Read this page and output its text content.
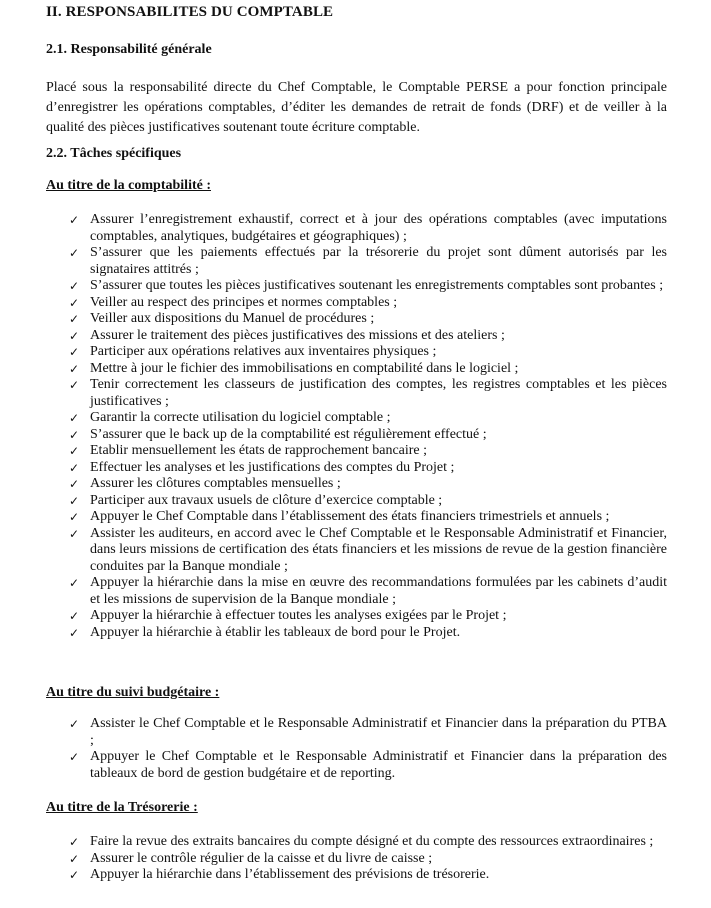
II. RESPONSABILITES DU COMPTABLE
2.1. Responsabilité générale
Placé sous la responsabilité directe du Chef Comptable, le Comptable PERSE a pour fonction principale d’enregistrer les opérations comptables, d’éditer les demandes de retrait de fonds (DRF) et de veiller à la qualité des pièces justificatives soutenant toute écriture comptable.
2.2. Tâches spécifiques
Au titre de la comptabilité :
✓ Assurer l’enregistrement exhaustif, correct et à jour des opérations comptables (avec imputations comptables, analytiques, budgétaires et géographiques) ;
✓ S’assurer que les paiements effectués par la trésorerie du projet sont dûment autorisés par les signataires attitrés ;
✓ S’assurer que toutes les pièces justificatives soutenant les enregistrements comptables sont probantes ;
✓ Veiller au respect des principes et normes comptables ;
✓ Veiller aux dispositions du Manuel de procédures ;
✓ Assurer le traitement des pièces justificatives des missions et des ateliers ;
✓ Participer aux opérations relatives aux inventaires physiques ;
✓ Mettre à jour le fichier des immobilisations en comptabilité dans le logiciel ;
✓ Tenir correctement les classeurs de justification des comptes, les registres comptables et les pièces justificatives ;
✓ Garantir la correcte utilisation du logiciel comptable ;
✓ S’assurer que le back up de la comptabilité est régulièrement effectué ;
✓ Etablir mensuellement les états de rapprochement bancaire ;
✓ Effectuer les analyses et les justifications des comptes du Projet ;
✓ Assurer les clôtures comptables mensuelles ;
✓ Participer aux travaux usuels de clôture d’exercice comptable ;
✓ Appuyer le Chef Comptable dans l’établissement des états financiers trimestriels et annuels ;
✓ Assister les auditeurs, en accord avec le Chef Comptable et le Responsable Administratif et Financier, dans leurs missions de certification des états financiers et les missions de revue de la gestion financière conduites par la Banque mondiale ;
✓ Appuyer la hiérarchie dans la mise en œuvre des recommandations formulées par les cabinets d’audit et les missions de supervision de la Banque mondiale ;
✓ Appuyer la hiérarchie à effectuer toutes les analyses exigées par le Projet ;
✓ Appuyer la hiérarchie à établir les tableaux de bord pour le Projet.
Au titre du suivi budgétaire :
✓ Assister le Chef Comptable et le Responsable Administratif et Financier dans la préparation du PTBA ;
✓ Appuyer le Chef Comptable et le Responsable Administratif et Financier dans la préparation des tableaux de bord de gestion budgétaire et de reporting.
Au titre de la Trésorerie :
✓ Faire la revue des extraits bancaires du compte désigné et du compte des ressources extraordinaires ;
✓ Assurer le contrôle régulier de la caisse et du livre de caisse ;
✓ Appuyer la hiérarchie dans l’établissement des prévisions de trésorerie.
